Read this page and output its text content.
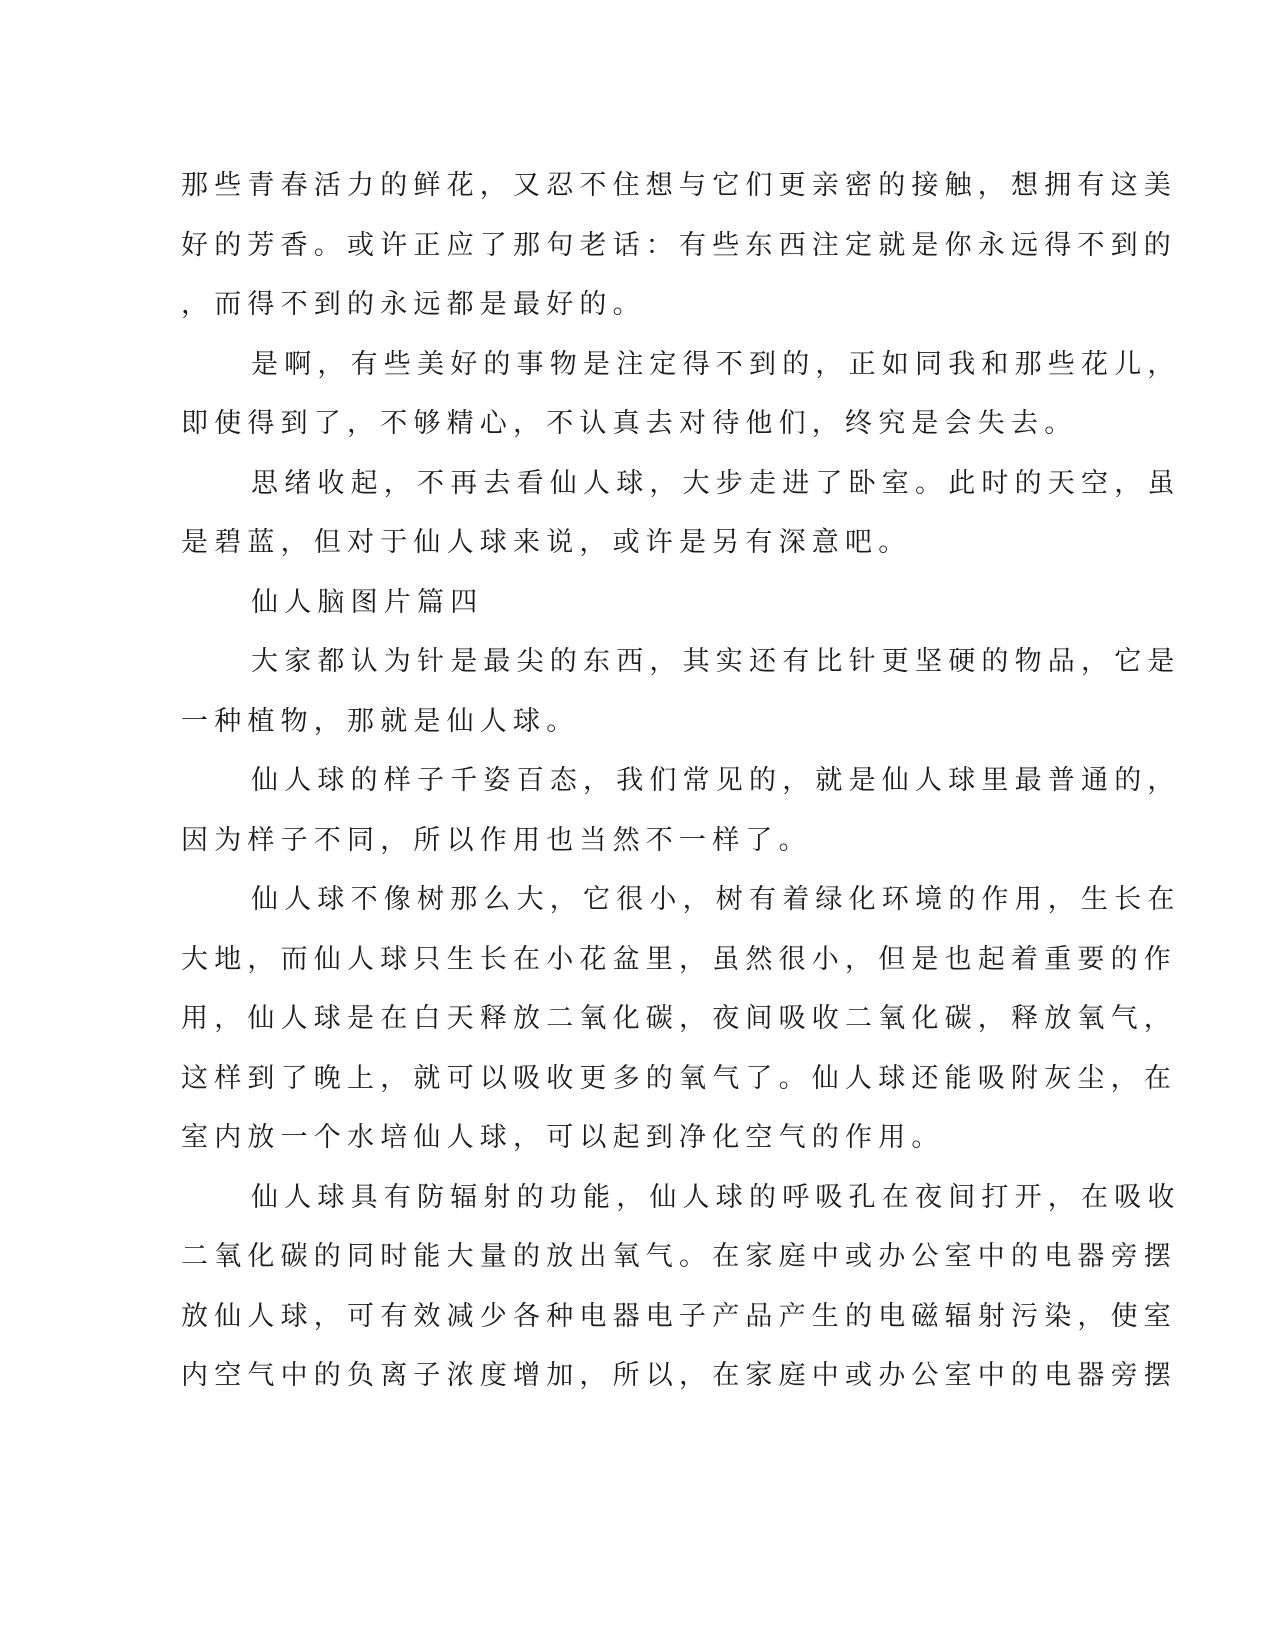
那些青春活力的鲜花，又忍不住想与它们更亲密的接触，想拥有这美
好的芳香。或许正应了那句老话：有些东西注定就是你永远得不到的
，而得不到的永远都是最好的。
是啊，有些美好的事物是注定得不到的，正如同我和那些花儿，
即使得到了，不够精心，不认真去对待他们，终究是会失去。
思绪收起，不再去看仙人球，大步走进了卧室。此时的天空，虽
是碧蓝，但对于仙人球来说，或许是另有深意吧。
仙人脑图片篇四
大家都认为针是最尖的东西，其实还有比针更坚硬的物品，它是
一种植物，那就是仙人球。
仙人球的样子千姿百态，我们常见的，就是仙人球里最普通的，
因为样子不同，所以作用也当然不一样了。
仙人球不像树那么大，它很小，树有着绿化环境的作用，生长在
大地，而仙人球只生长在小花盆里，虽然很小，但是也起着重要的作
用，仙人球是在白天释放二氧化碳，夜间吸收二氧化碳，释放氧气，
这样到了晚上，就可以吸收更多的氧气了。仙人球还能吸附灰尘，在
室内放一个水培仙人球，可以起到净化空气的作用。
仙人球具有防辐射的功能，仙人球的呼吸孔在夜间打开，在吸收
二氧化碳的同时能大量的放出氧气。在家庭中或办公室中的电器旁摆
放仙人球，可有效减少各种电器电子产品产生的电磁辐射污染，使室
内空气中的负离子浓度增加，所以，在家庭中或办公室中的电器旁摆
